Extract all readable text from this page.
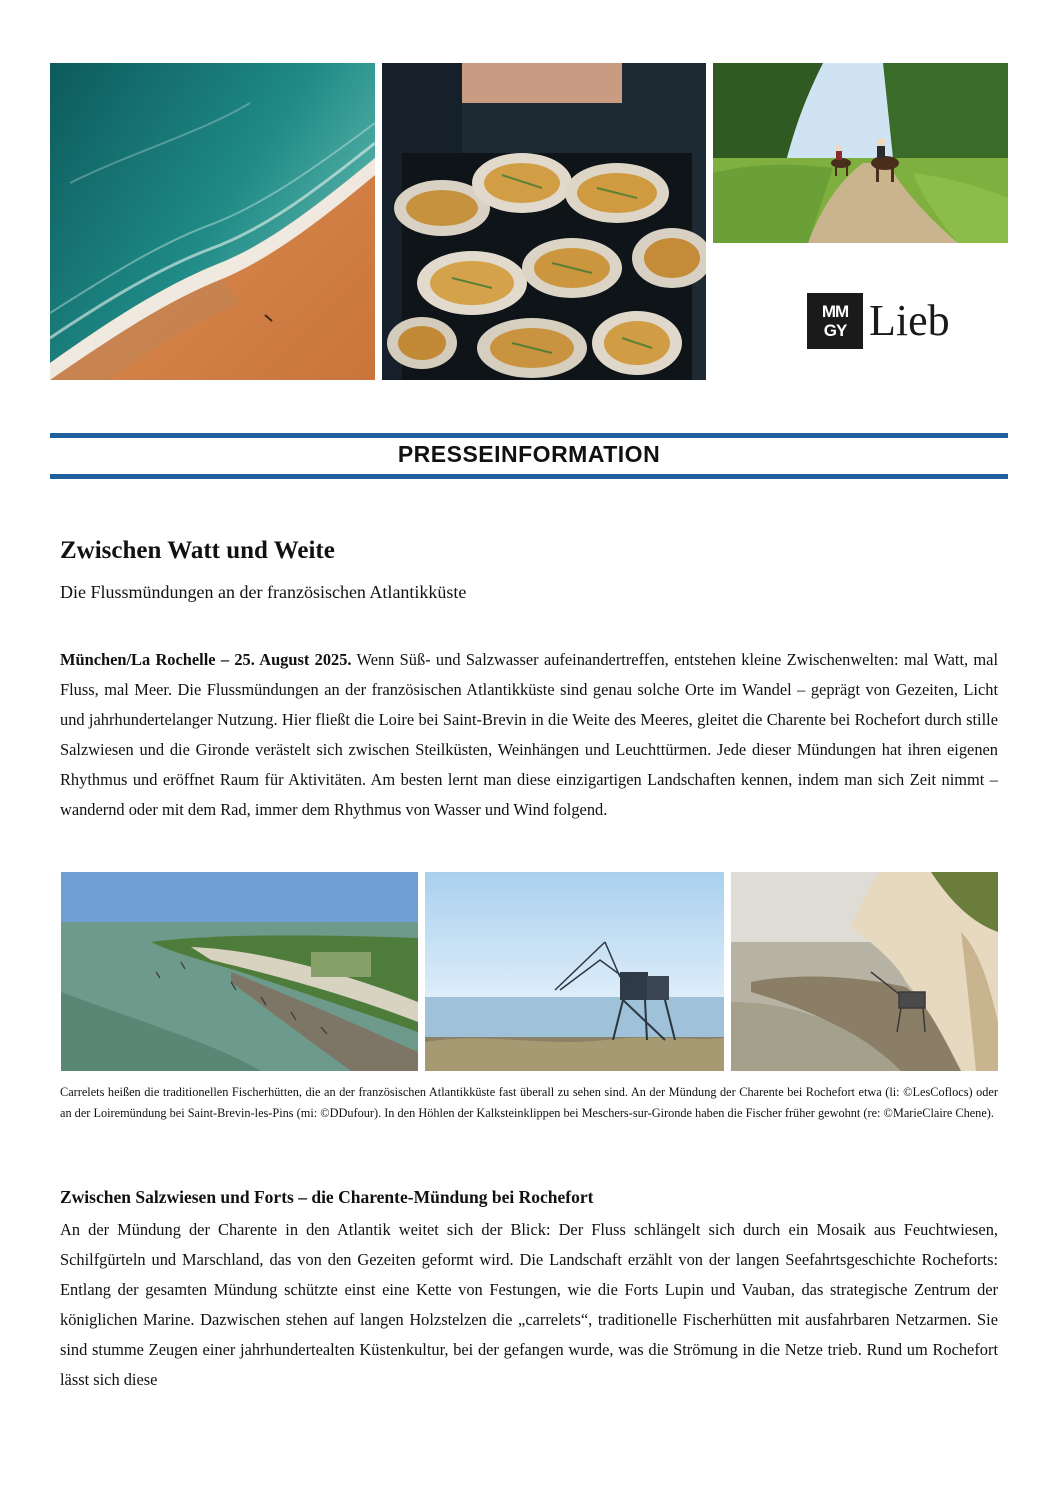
MM
GY Lieb
PRESSEINFORMATION
Zwischen Watt und Weite
Die Flussmündungen an der französischen Atlantikküste

München/La Rochelle – 25. August 2025. Wenn Süß- und Salzwasser aufeinandertreffen, entstehen kleine Zwischenwelten: mal Watt, mal Fluss, mal Meer. Die Flussmündungen an der französischen Atlantikküste sind genau solche Orte im Wandel – geprägt von Gezeiten, Licht und jahrhundertelanger Nutzung. Hier fließt die Loire bei Saint-Brevin in die Weite des Meeres, gleitet die Charente bei Rochefort durch stille Salzwiesen und die Gironde verästelt sich zwischen Steilküsten, Weinhängen und Leuchttürmen. Jede dieser Mündungen hat ihren eigenen Rhythmus und eröffnet Raum für Aktivitäten. Am besten lernt man diese einzigartigen Landschaften kennen, indem man sich Zeit nimmt – wandernd oder mit dem Rad, immer dem Rhythmus von Wasser und Wind folgend.

Carrelets heißen die traditionellen Fischerhütten, die an der französischen Atlantikküste fast überall zu sehen sind. An der Mündung der Charente bei Rochefort etwa (li: ©LesCoflocs) oder an der Loiremündung bei Saint-Brevin-les-Pins (mi: ©DDufour). In den Höhlen der Kalksteinklippen bei Meschers-sur-Gironde haben die Fischer früher gewohnt (re: ©MarieClaire Chene).

Zwischen Salzwiesen und Forts – die Charente-Mündung bei Rochefort

An der Mündung der Charente in den Atlantik weitet sich der Blick: Der Fluss schlängelt sich durch ein Mosaik aus Feuchtwiesen, Schilfgürteln und Marschland, das von den Gezeiten geformt wird. Die Landschaft erzählt von der langen Seefahrtsgeschichte Rocheforts: Entlang der gesamten Mündung schützte einst eine Kette von Festungen, wie die Forts Lupin und Vauban, das strategische Zentrum der königlichen Marine. Dazwischen stehen auf langen Holzstelzen die „carrelets“, traditionelle Fischerhütten mit ausfahrbaren Netzarmen. Sie sind stumme Zeugen einer jahrhundertealten Küstenkultur, bei der gefangen wurde, was die Strömung in die Netze trieb. Rund um Rochefort lässt sich diese
